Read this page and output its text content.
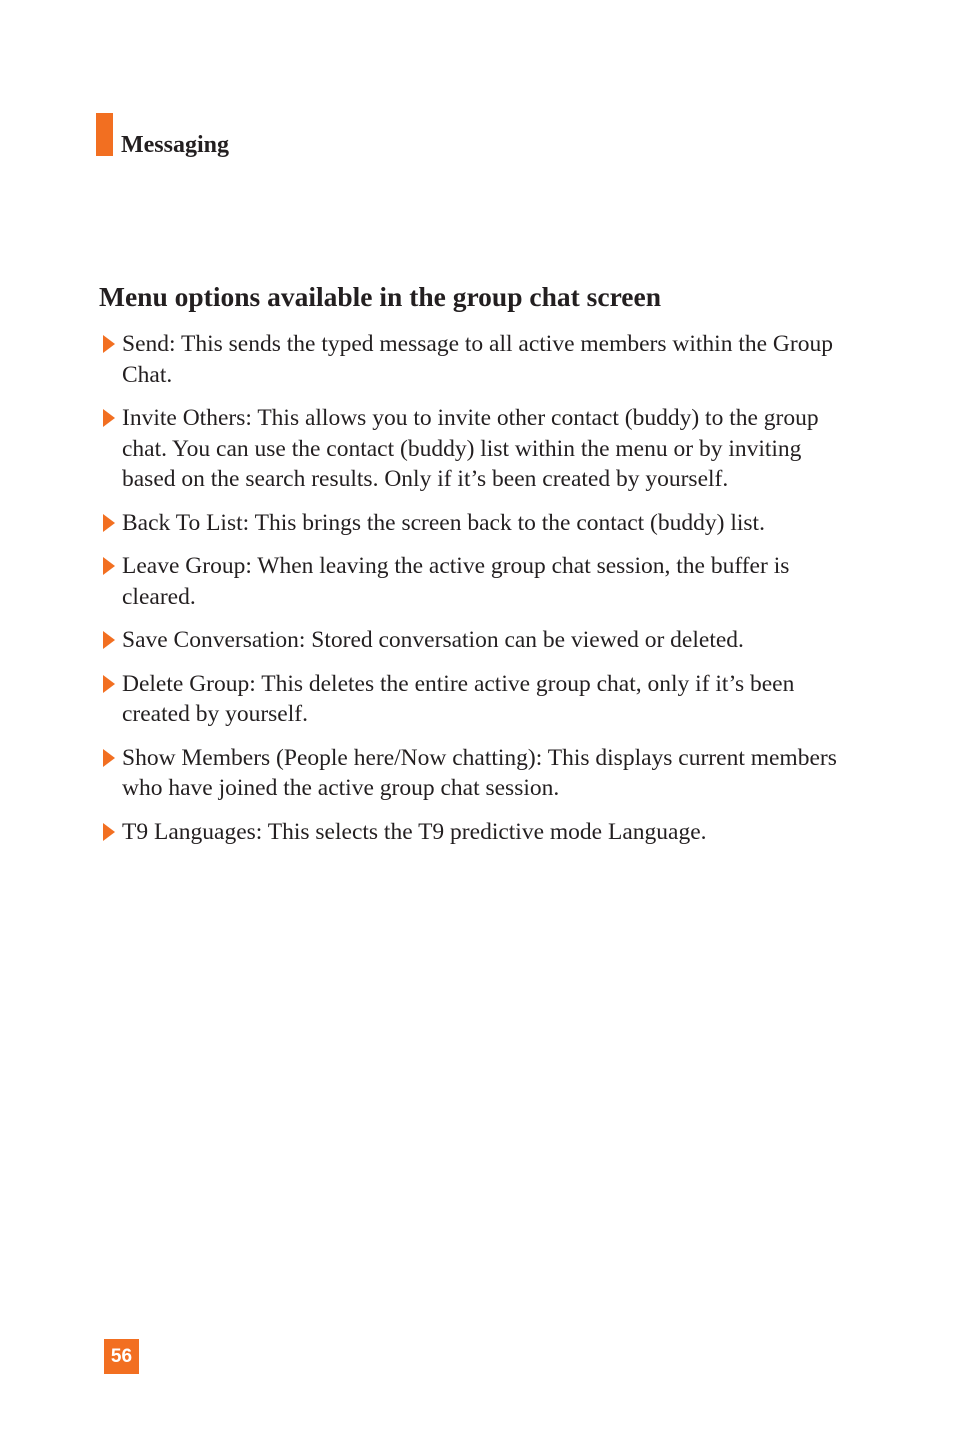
Messaging
Menu options available in the group chat screen
Send: This sends the typed message to all active members within the Group Chat.
Invite Others: This allows you to invite other contact (buddy) to the group chat. You can use the contact (buddy) list within the menu or by inviting based on the search results. Only if it’s been created by yourself.
Back To List: This brings the screen back to the contact (buddy) list.
Leave Group: When leaving the active group chat session, the buffer is cleared.
Save Conversation: Stored conversation can be viewed or deleted.
Delete Group: This deletes the entire active group chat, only if it’s been created by yourself.
Show Members (People here/Now chatting): This displays current members who have joined the active group chat session.
T9 Languages: This selects the T9 predictive mode Language.
56
